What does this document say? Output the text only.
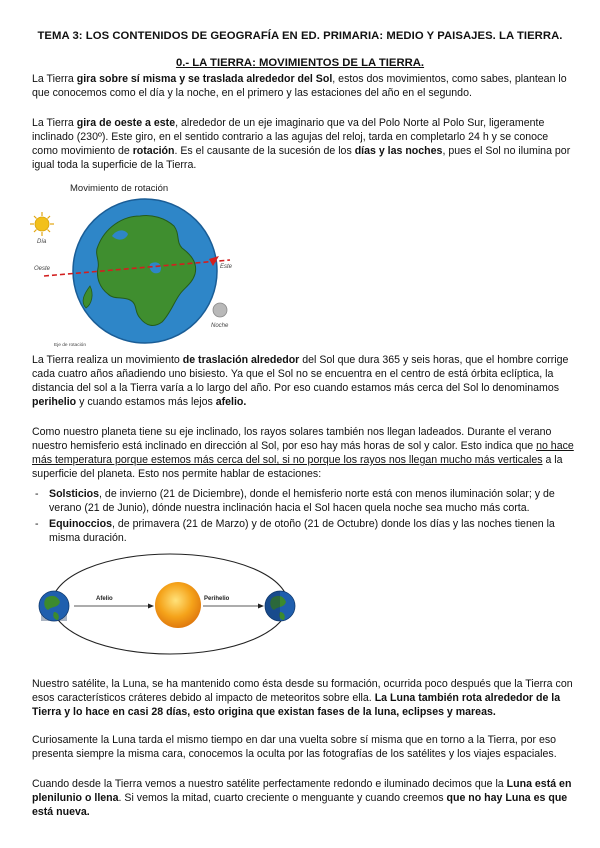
TEMA 3: LOS CONTENIDOS DE GEOGRAFÍA EN ED. PRIMARIA: MEDIO Y PAISAJES. LA TIERRA.
0.- LA TIERRA: MOVIMIENTOS DE LA TIERRA.

La Tierra gira sobre sí misma y se traslada alrededor del Sol, estos dos movimientos, como sabes, plantean lo que conocemos como el día y la noche, en el primero y las estaciones del año en el segundo.

La Tierra gira de oeste a este, alrededor de un eje imaginario que va del Polo Norte al Polo Sur, ligeramente inclinado (230º). Este giro, en el sentido contrario a las agujas del reloj, tarda en completarlo 24 h y se conoce como movimiento de rotación. Es el causante de la sucesión de los días y las noches, pues el Sol no ilumina por igual toda la superficie de la Tierra.

Movimiento de rotación
Día
Oeste	Este
Noche
Eje de rotación

La Tierra realiza un movimiento de traslación alrededor del Sol que dura 365 y seis horas, que el hombre corrige cada cuatro años añadiendo uno bisiesto. Ya que el Sol no se encuentra en el centro de está órbita eclíptica, la distancia del sol a la Tierra varía a lo largo del año. Por eso cuando estamos más cerca del Sol lo denominamos perihelio y cuando estamos más lejos afelio.

Como nuestro planeta tiene su eje inclinado, los rayos solares también nos llegan ladeados. Durante el verano nuestro hemisferio está inclinado en dirección al Sol, por eso hay más horas de sol y calor. Esto indica que no hace más temperatura porque estemos más cerca del sol, si no porque los rayos nos llegan mucho más verticales a la superficie del planeta. Esto nos permite hablar de estaciones:

- Solsticios, de invierno (21 de Diciembre), donde el hemisferio norte está con menos iluminación solar; y de verano (21 de Junio), dónde nuestra inclinación hacia el Sol hacen quela noche sea mucho más corta.
- Equinoccios, de primavera (21 de Marzo) y de otoño (21 de Octubre) donde los días y las noches tienen la misma duración.
Afelio	Perihelio

Nuestro satélite, la Luna, se ha mantenido como ésta desde su formación, ocurrida poco después que la Tierra con esos característicos cráteres debido al impacto de meteoritos sobre ella. La Luna también rota alrededor de la Tierra y lo hace en casi 28 días, esto origina que existan fases de la luna, eclipses y mareas.

Curiosamente la Luna tarda el mismo tiempo en dar una vuelta sobre sí misma que en torno a la Tierra, por eso presenta siempre la misma cara, conocemos la oculta por las fotografías de los satélites y los viajes espaciales.

Cuando desde la Tierra vemos a nuestro satélite perfectamente redondo e iluminado decimos que la Luna está en plenilunio o llena. Si vemos la mitad, cuarto creciente o menguante y cuando creemos que no hay Luna es que está nueva.
